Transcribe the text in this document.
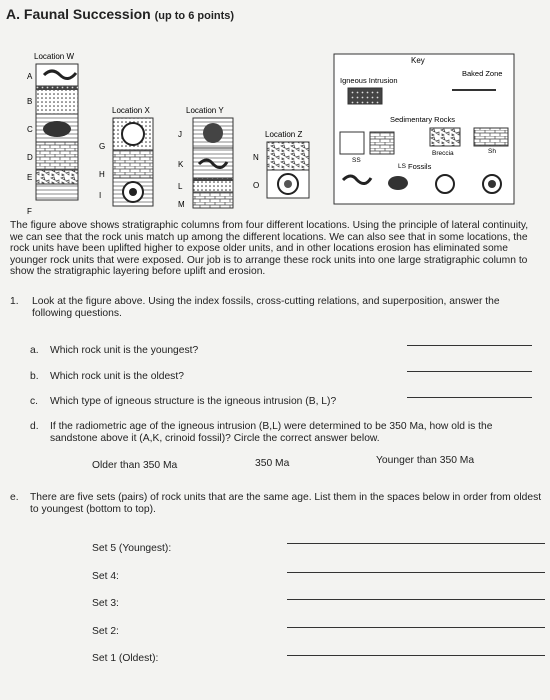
A. Faunal Succession (up to 6 points)
Location W
A
B
C
D
E
F
Location X
G
H
I
Location Y
J
K
L
M
Location Z
N
O
Key
Igneous Intrusion
Baked Zone
Sedimentary Rocks
SS
LS
Breccia	Sh
Fossils
The figure above shows stratigraphic columns from four different locations. Using the principle of lateral continuity, we can see that the rock unis match up among the different locations. We can also see that in some locations, the rock units have been uplifted higher to expose older units, and in other locations erosion has eliminated some younger rock units that were exposed. Our job is to arrange these rock units into one large stratigraphic column to show the stratigraphic layering before uplift and erosion.
1. Look at the figure above. Using the index fossils, cross-cutting relations, and superposition, answer the following questions.
a. Which rock unit is the youngest?
b. Which rock unit is the oldest?
c. Which type of igneous structure is the igneous intrusion (B, L)?
d. If the radiometric age of the igneous intrusion (B,L) were determined to be 350 Ma, how old is the sandstone above it (A,K, crinoid fossil)? Circle the correct answer below.
Older than 350 Ma	350 Ma	Younger than 350 Ma
e. There are five sets (pairs) of rock units that are the same age. List them in the spaces below in order from oldest to youngest (bottom to top).
Set 5 (Youngest):
Set 4:
Set 3:
Set 2:
Set 1 (Oldest):
